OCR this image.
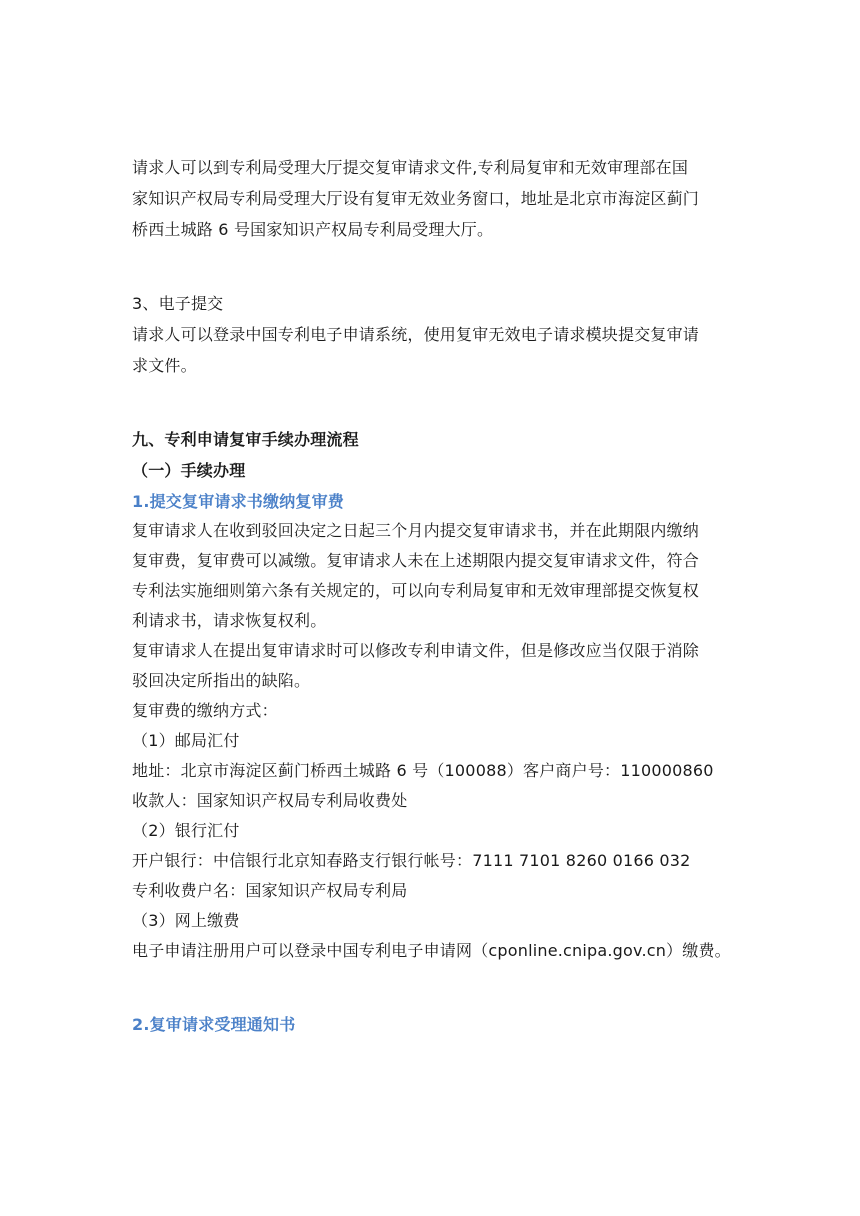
请求人可以到专利局受理大厅提交复审请求文件,专利局复审和无效审理部在国
家知识产权局专利局受理大厅设有复审无效业务窗口，地址是北京市海淀区蓟门
桥西土城路 6 号国家知识产权局专利局受理大厅。
3、电子提交
请求人可以登录中国专利电子申请系统，使用复审无效电子请求模块提交复审请
求文件。
九、专利申请复审手续办理流程
（一）手续办理
1.提交复审请求书缴纳复审费
复审请求人在收到驳回决定之日起三个月内提交复审请求书，并在此期限内缴纳
复审费，复审费可以减缴。复审请求人未在上述期限内提交复审请求文件，符合
专利法实施细则第六条有关规定的，可以向专利局复审和无效审理部提交恢复权
利请求书，请求恢复权利。
复审请求人在提出复审请求时可以修改专利申请文件，但是修改应当仅限于消除
驳回决定所指出的缺陷。
复审费的缴纳方式：
（1）邮局汇付
地址：北京市海淀区蓟门桥西土城路 6 号（100088）客户商户号：110000860
收款人：国家知识产权局专利局收费处
（2）银行汇付
开户银行：中信银行北京知春路支行银行帐号：7111 7101 8260 0166 032
专利收费户名：国家知识产权局专利局
（3）网上缴费
电子申请注册用户可以登录中国专利电子申请网（cponline.cnipa.gov.cn）缴费。
2.复审请求受理通知书
